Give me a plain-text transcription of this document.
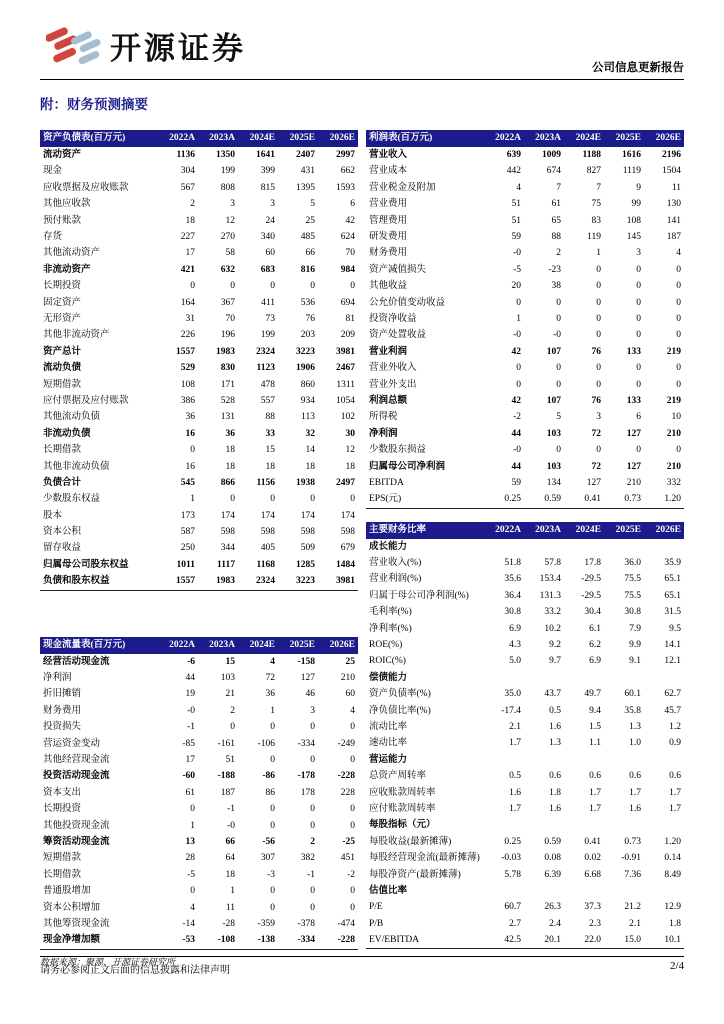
开源证券
公司信息更新报告
附：财务预测摘要
资产负债表(百万元)	2022A	2023A	2024E	2025E	2026E
流动资产	1136	1350	1641	2407	2997
现金	304	199	399	431	662
应收票据及应收账款	567	808	815	1395	1593
其他应收款	2	3	3	5	6
预付账款	18	12	24	25	42
存货	227	270	340	485	624
其他流动资产	17	58	60	66	70
非流动资产	421	632	683	816	984
长期投资	0	0	0	0	0
固定资产	164	367	411	536	694
无形资产	31	70	73	76	81
其他非流动资产	226	196	199	203	209
资产总计	1557	1983	2324	3223	3981
流动负债	529	830	1123	1906	2467
短期借款	108	171	478	860	1311
应付票据及应付账款	386	528	557	934	1054
其他流动负债	36	131	88	113	102
非流动负债	16	36	33	32	30
长期借款	0	18	15	14	12
其他非流动负债	16	18	18	18	18
负债合计	545	866	1156	1938	2497
少数股东权益	1	0	0	0	0
股本	173	174	174	174	174
资本公积	587	598	598	598	598
留存收益	250	344	405	509	679
归属母公司股东权益	1011	1117	1168	1285	1484
负债和股东权益	1557	1983	2324	3223	3981
现金流量表(百万元)	2022A	2023A	2024E	2025E	2026E
经营活动现金流	-6	15	4	-158	25
净利润	44	103	72	127	210
折旧摊销	19	21	36	46	60
财务费用	-0	2	1	3	4
投资损失	-1	0	0	0	0
营运资金变动	-85	-161	-106	-334	-249
其他经营现金流	17	51	0	0	0
投资活动现金流	-60	-188	-86	-178	-228
资本支出	61	187	86	178	228
长期投资	0	-1	0	0	0
其他投资现金流	1	-0	0	0	0
筹资活动现金流	13	66	-56	2	-25
短期借款	28	64	307	382	451
长期借款	-5	18	-3	-1	-2
普通股增加	0	1	0	0	0
资本公积增加	4	11	0	0	0
其他筹资现金流	-14	-28	-359	-378	-474
现金净增加额	-53	-108	-138	-334	-228
数据来源：聚源、开源证券研究所
利润表(百万元)	2022A	2023A	2024E	2025E	2026E
营业收入	639	1009	1188	1616	2196
营业成本	442	674	827	1119	1504
营业税金及附加	4	7	7	9	11
营业费用	51	61	75	99	130
管理费用	51	65	83	108	141
研发费用	59	88	119	145	187
财务费用	-0	2	1	3	4
资产减值损失	-5	-23	0	0	0
其他收益	20	38	0	0	0
公允价值变动收益	0	0	0	0	0
投资净收益	1	0	0	0	0
资产处置收益	-0	-0	0	0	0
营业利润	42	107	76	133	219
营业外收入	0	0	0	0	0
营业外支出	0	0	0	0	0
利润总额	42	107	76	133	219
所得税	-2	5	3	6	10
净利润	44	103	72	127	210
少数股东损益	-0	0	0	0	0
归属母公司净利润	44	103	72	127	210
EBITDA	59	134	127	210	332
EPS(元)	0.25	0.59	0.41	0.73	1.20
主要财务比率	2022A	2023A	2024E	2025E	2026E
成长能力					
营业收入(%)	51.8	57.8	17.8	36.0	35.9
营业利润(%)	35.6	153.4	-29.5	75.5	65.1
归属于母公司净利润(%)	36.4	131.3	-29.5	75.5	65.1
毛利率(%)	30.8	33.2	30.4	30.8	31.5
净利率(%)	6.9	10.2	6.1	7.9	9.5
ROE(%)	4.3	9.2	6.2	9.9	14.1
ROIC(%)	5.0	9.7	6.9	9.1	12.1
偿债能力					
资产负债率(%)	35.0	43.7	49.7	60.1	62.7
净负债比率(%)	-17.4	0.5	9.4	35.8	45.7
流动比率	2.1	1.6	1.5	1.3	1.2
速动比率	1.7	1.3	1.1	1.0	0.9
营运能力					
总资产周转率	0.5	0.6	0.6	0.6	0.6
应收账款周转率	1.6	1.8	1.7	1.7	1.7
应付账款周转率	1.7	1.6	1.7	1.6	1.7
每股指标（元）					
每股收益(最新摊薄)	0.25	0.59	0.41	0.73	1.20
每股经营现金流(最新摊薄)	-0.03	0.08	0.02	-0.91	0.14
每股净资产(最新摊薄)	5.78	6.39	6.68	7.36	8.49
估值比率					
P/E	60.7	26.3	37.3	21.2	12.9
P/B	2.7	2.4	2.3	2.1	1.8
EV/EBITDA	42.5	20.1	22.0	15.0	10.1
请务必参阅正文后面的信息披露和法律声明	2/4
